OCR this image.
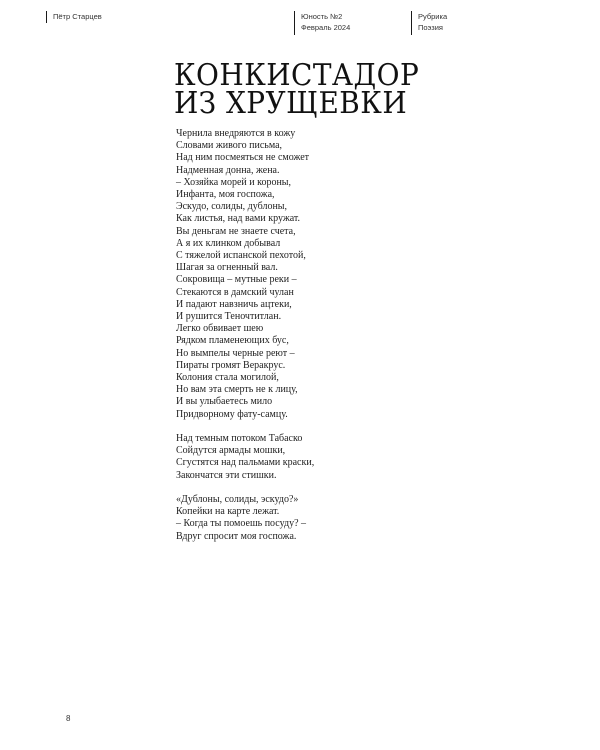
Пётр Старцев	Юность №2
Февраль 2024
Рубрика
Поэзия
КОНКИСТАДОР
ИЗ ХРУЩЕВКИ
Чернила внедряются в кожу
Словами живого письма,
Над ним посмеяться не сможет
Надменная донна, жена.
– Хозяйка морей и короны,
Инфанта, моя госпожа,
Эскудо, солиды, дублоны,
Как листья, над вами кружат.
Вы деньгам не знаете счета,
А я их клинком добывал
С тяжелой испанской пехотой,
Шагая за огненный вал.
Сокровища – мутные реки –
Стекаются в дамский чулан
И падают навзничь ацтеки,
И рушится Теночтитлан.
Легко обвивает шею
Рядком пламенеющих бус,
Но вымпелы черные реют –
Пираты громят Веракрус.
Колония стала могилой,
Но вам эта смерть не к лицу,
И вы улыбаетесь мило
Придворному фату-самцу.
Над темным потоком Табаско
Сойдутся армады мошки,
Сгустятся над пальмами краски,
Закончатся эти стишки.
«Дублоны, солиды, эскудо?»
Копейки на карте лежат.
– Когда ты помоешь посуду? –
Вдруг спросит моя госпожа.
8
